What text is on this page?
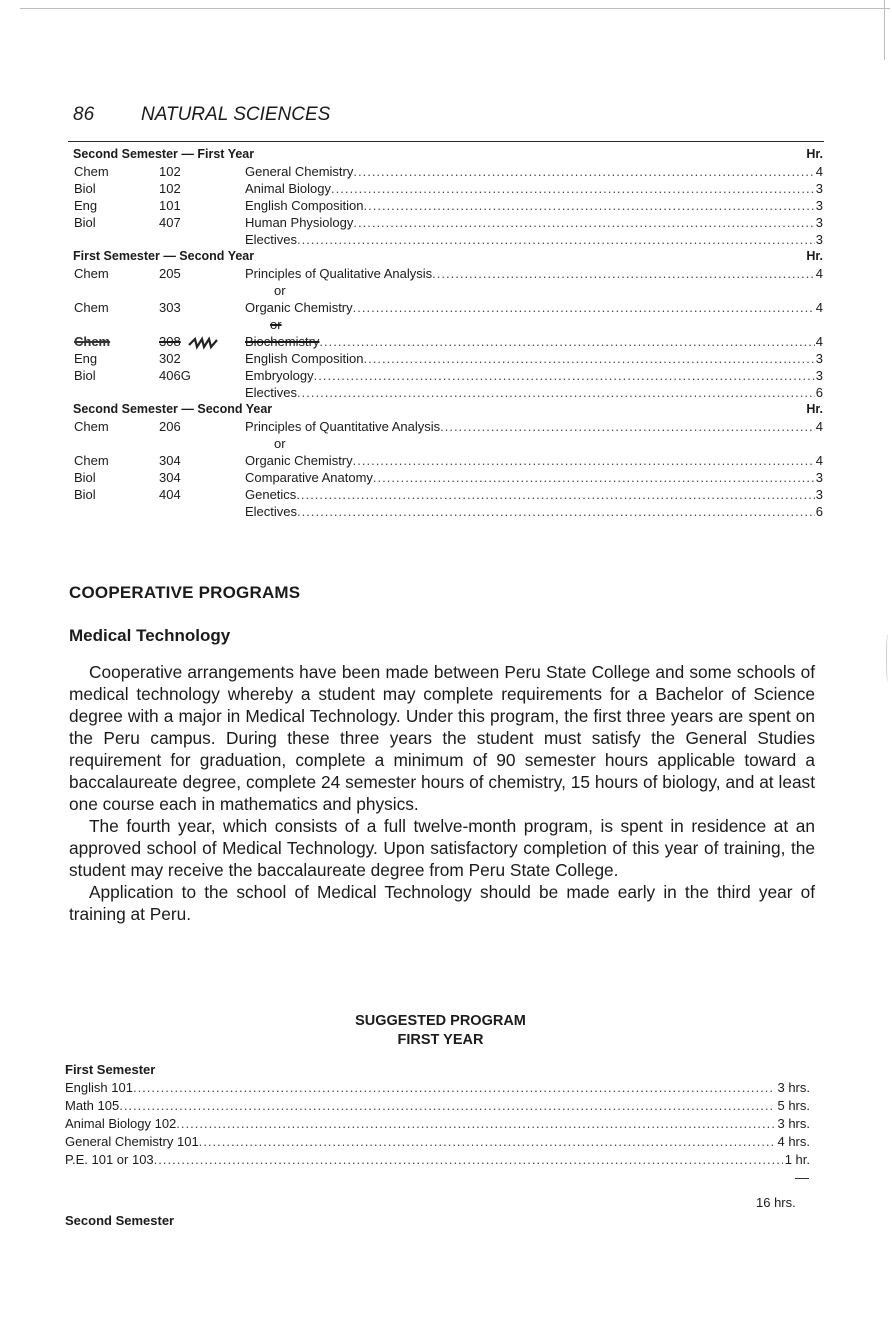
86 NATURAL SCIENCES
Second Semester — First Year	Hr.
Chem	102	General Chemistry .....	4
Biol	102	Animal Biology .....	3
Eng	101	English Composition .....	3
Biol	407	Human Physiology .....	3
Electives .....	3
First Semester — Second Year	Hr.
Chem	205	Principles of Qualitative Analysis .....	4
or
Chem	303	Organic Chemistry .....	4
or
Chem	308	Biochemistry .....	4
Eng	302	English Composition .....	3
Biol	406G	Embryology .....	3
Electives .....	6
Second Semester — Second Year	Hr.
Chem	206	Principles of Quantitative Analysis .....	4
or
Chem	304	Organic Chemistry .....	4
Biol	304	Comparative Anatomy .....	3
Biol	404	Genetics .....	3
Electives .....	6
COOPERATIVE PROGRAMS
Medical Technology

Cooperative arrangements have been made between Peru State College and some schools of medical technology whereby a student may complete requirements for a Bachelor of Science degree with a major in Medical Technology. Under this program, the first three years are spent on the Peru campus. During these three years the student must satisfy the General Studies requirement for graduation, complete a minimum of 90 semester hours applicable toward a baccalaureate degree, complete 24 semester hours of chemistry, 15 hours of biology, and at least one course each in mathematics and physics.

The fourth year, which consists of a full twelve-month program, is spent in residence at an approved school of Medical Technology. Upon satisfactory completion of this year of training, the student may receive the baccalaureate degree from Peru State College.

Application to the school of Medical Technology should be made early in the third year of training at Peru.

SUGGESTED PROGRAM
FIRST YEAR
First Semester
English 101 .....	3 hrs.
Math 105 .....	5 hrs.
Animal Biology 102 .....	3 hrs.
General Chemistry 101 .....	4 hrs.
P.E. 101 or 103 .....	1 hr.
16 hrs.
Second Semester
